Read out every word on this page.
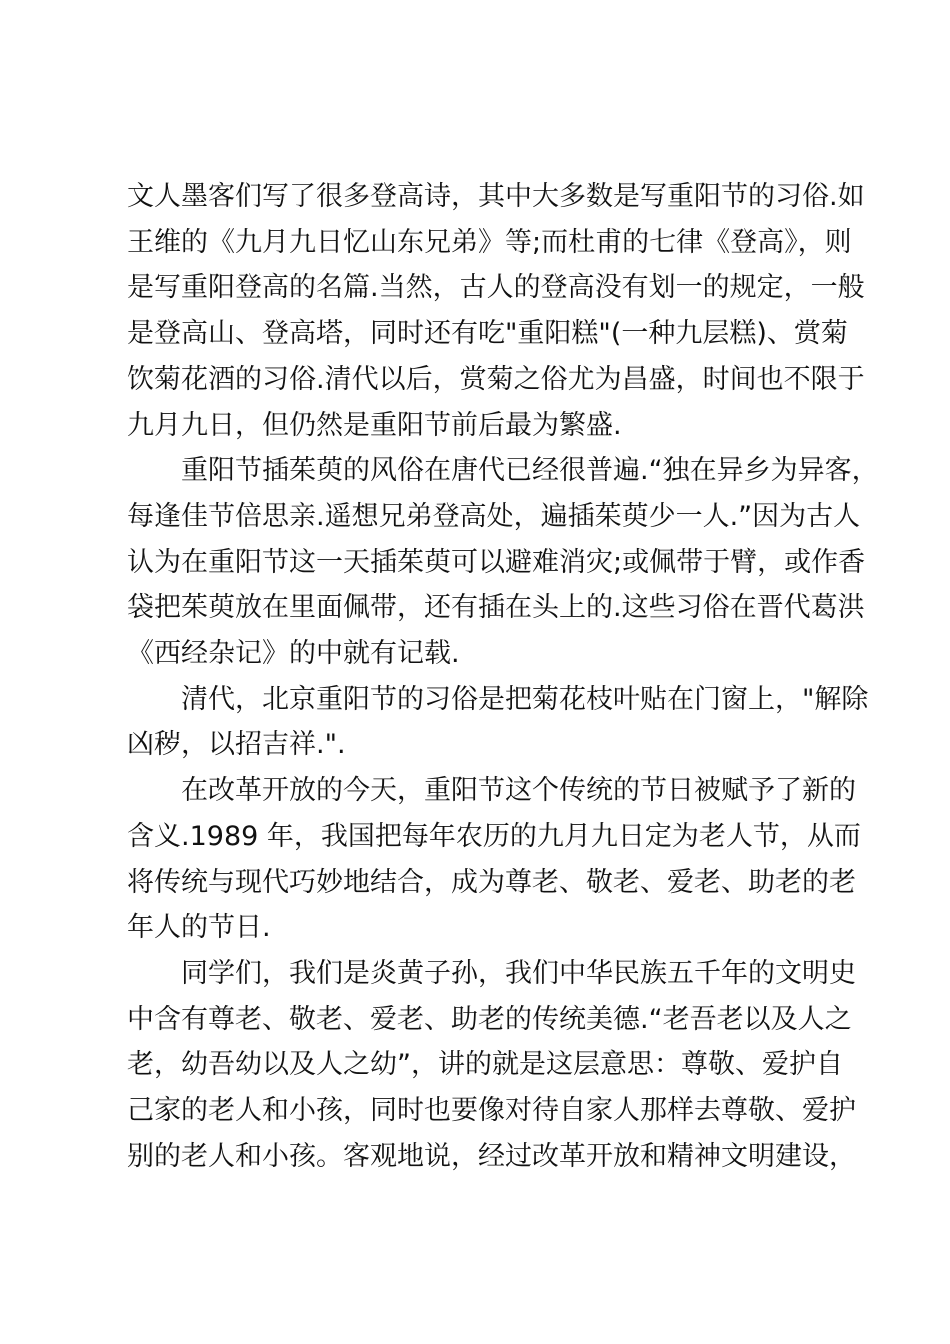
文人墨客们写了很多登高诗，其中大多数是写重阳节的习俗.如
王维的《九月九日忆山东兄弟》等;而杜甫的七律《登高》，则
是写重阳登高的名篇.当然，古人的登高没有划一的规定，一般
是登高山、登高塔，同时还有吃"重阳糕"(一种九层糕)、赏菊
饮菊花酒的习俗.清代以后，赏菊之俗尤为昌盛，时间也不限于
九月九日，但仍然是重阳节前后最为繁盛.

重阳节插茱萸的风俗在唐代已经很普遍.“独在异乡为异客，
每逢佳节倍思亲.遥想兄弟登高处，遍插茱萸少一人.”因为古人
认为在重阳节这一天插茱萸可以避难消灾;或佩带于臂，或作香
袋把茱萸放在里面佩带，还有插在头上的.这些习俗在晋代葛洪
《西经杂记》的中就有记载.

清代，北京重阳节的习俗是把菊花枝叶贴在门窗上，"解除
凶秽，以招吉祥.".

在改革开放的今天，重阳节这个传统的节日被赋予了新的
含义.1989 年，我国把每年农历的九月九日定为老人节，从而
将传统与现代巧妙地结合，成为尊老、敬老、爱老、助老的老
年人的节日.

同学们，我们是炎黄子孙，我们中华民族五千年的文明史
中含有尊老、敬老、爱老、助老的传统美德.“老吾老以及人之
老，幼吾幼以及人之幼”，讲的就是这层意思：尊敬、爱护自
己家的老人和小孩，同时也要像对待自家人那样去尊敬、爱护
别的老人和小孩。客观地说，经过改革开放和精神文明建设，
